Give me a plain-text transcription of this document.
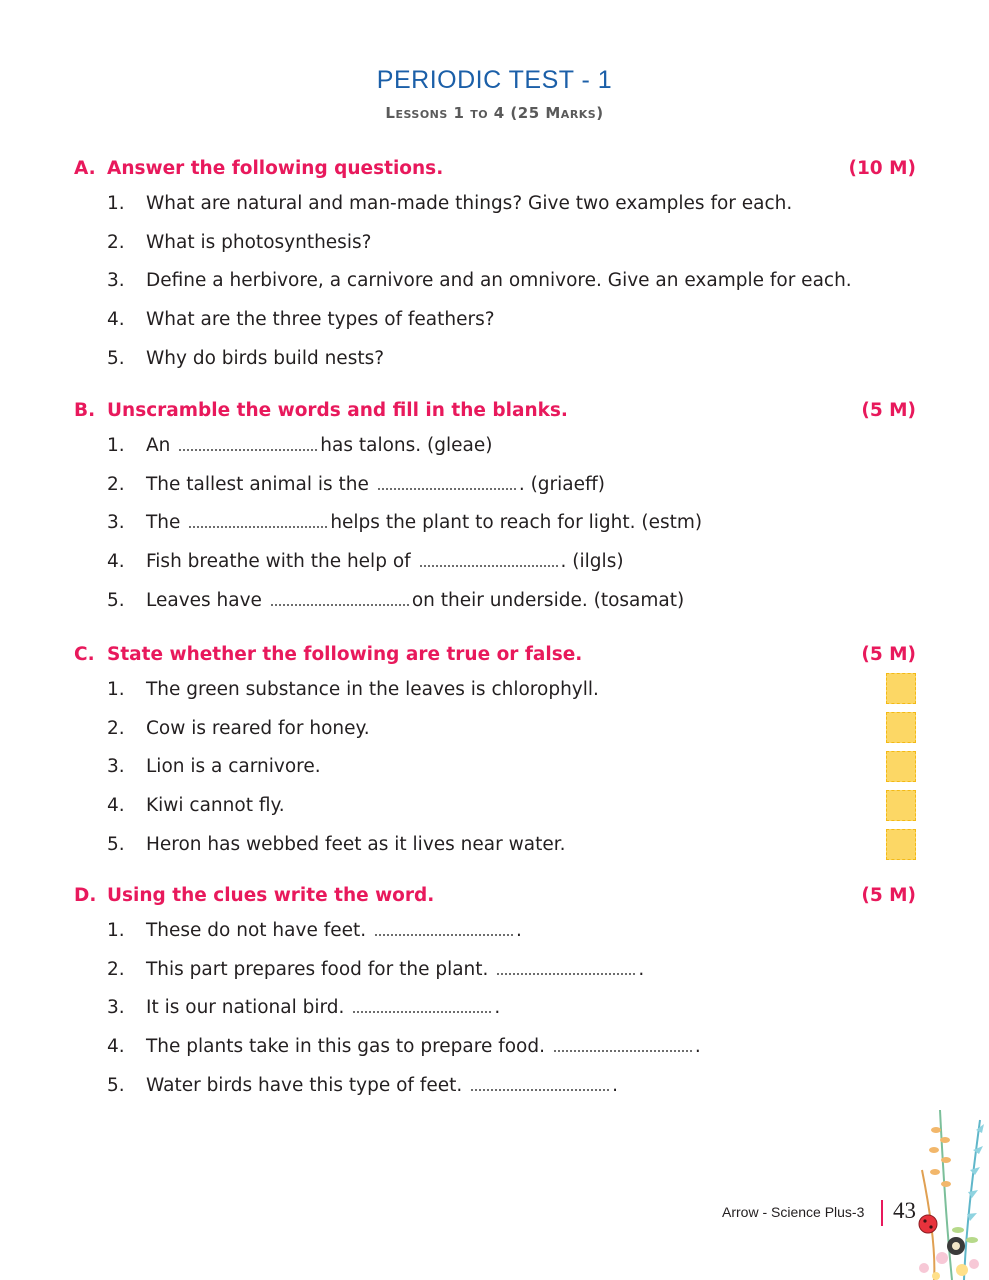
PERIODIC TEST - 1
Lessons 1 to 4 (25 Marks)
A. Answer the following questions.	(10 M)
1.	What are natural and man-made things? Give two examples for each.
2.	What is photosynthesis?
3.	Define a herbivore, a carnivore and an omnivore. Give an example for each.
4.	What are the three types of feathers?
5.	Why do birds build nests?
B. Unscramble the words and fill in the blanks.	(5 M)
1.	An	has talons. (gleae)
2.	The tallest animal is the	. (griaeff)
3.	The	helps the plant to reach for light. (estm)
4.	Fish breathe with the help of	. (ilgls)
5.	Leaves have	on their underside. (tosamat)
C. State whether the following are true or false.	(5 M)
1.	The green substance in the leaves is chlorophyll.
2.	Cow is reared for honey.
3.	Lion is a carnivore.
4.	Kiwi cannot fly.
5.	Heron has webbed feet as it lives near water.
D. Using the clues write the word.	(5 M)
1.	These do not have feet.	.
2.	This part prepares food for the plant.	.
3.	It is our national bird.	.
4.	The plants take in this gas to prepare food.	.
5.	Water birds have this type of feet.	.
Arrow - Science Plus-3 43
